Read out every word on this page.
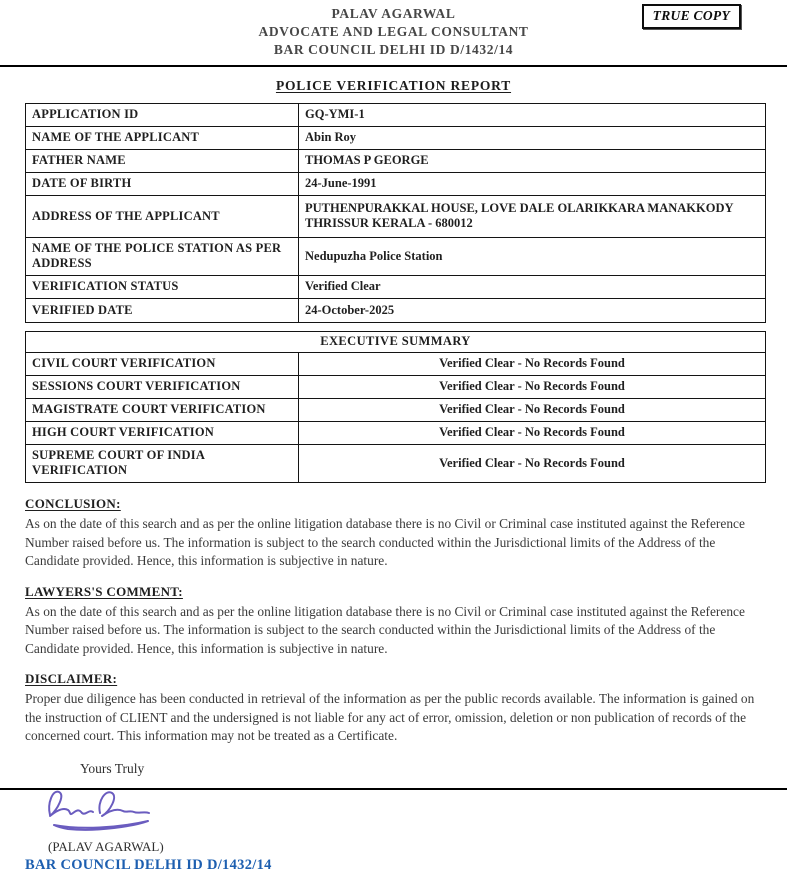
PALAV AGARWAL
ADVOCATE AND LEGAL CONSULTANT
BAR COUNCIL DELHI ID D/1432/14
TRUE COPY
POLICE VERIFICATION REPORT
APPLICATION ID	GQ-YMI-1
NAME OF THE APPLICANT	Abin Roy
FATHER NAME	THOMAS P GEORGE
DATE OF BIRTH	24-June-1991
ADDRESS OF THE APPLICANT	PUTHENPURAKKAL HOUSE, LOVE DALE OLARIKKARA MANAKKODY THRISSUR KERALA - 680012
NAME OF THE POLICE STATION AS PER ADDRESS	Nedupuzha Police Station
VERIFICATION STATUS	Verified Clear
VERIFIED DATE	24-October-2025
EXECUTIVE SUMMARY	
CIVIL COURT VERIFICATION	Verified Clear - No Records Found
SESSIONS COURT VERIFICATION	Verified Clear - No Records Found
MAGISTRATE COURT VERIFICATION	Verified Clear - No Records Found
HIGH COURT VERIFICATION	Verified Clear - No Records Found
SUPREME COURT OF INDIA VERIFICATION	Verified Clear - No Records Found
CONCLUSION:
As on the date of this search and as per the online litigation database there is no Civil or Criminal case instituted against the Reference Number raised before us. The information is subject to the search conducted within the Jurisdictional limits of the Address of the Candidate provided. Hence, this information is subjective in nature.
LAWYERS'S COMMENT:
As on the date of this search and as per the online litigation database there is no Civil or Criminal case instituted against the Reference Number raised before us. The information is subject to the search conducted within the Jurisdictional limits of the Address of the Candidate provided. Hence, this information is subjective in nature.
DISCLAIMER:
Proper due diligence has been conducted in retrieval of the information as per the public records available. The information is gained on the instruction of CLIENT and the undersigned is not liable for any act of error, omission, deletion or non publication of records of the concerned court. This information may not be treated as a Certificate.
Yours Truly
(PALAV AGARWAL)
BAR COUNCIL DELHI ID D/1432/14
